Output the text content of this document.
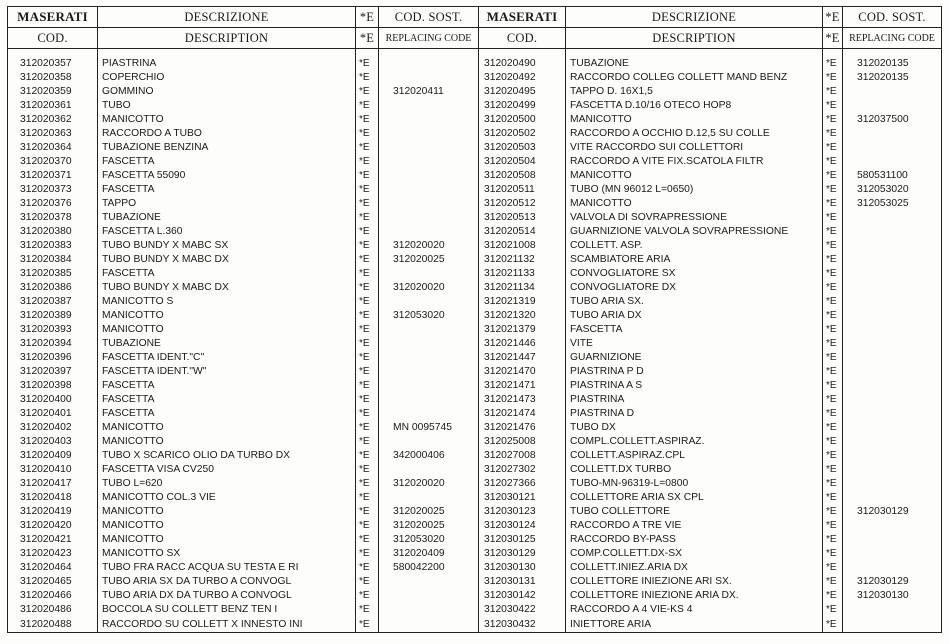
MASERATI	DESCRIZIONE	*E	COD. SOST.	MASERATI	DESCRIZIONE	*E	COD. SOST.
COD.	DESCRIPTION	*E	REPLACING CODE	COD.	DESCRIPTION	*E	REPLACING CODE

312020357	PIASTRINA	*E		312020490	TUBAZIONE	*E	312020135
312020358	COPERCHIO	*E		312020492	RACCORDO COLLEG COLLETT MAND BENZ	*E	312020135
312020359	GOMMINO	*E	312020411	312020495	TAPPO D. 16X1,5	*E	
312020361	TUBO	*E		312020499	FASCETTA D.10/16 OTECO HOP8	*E	
312020362	MANICOTTO	*E		312020500	MANICOTTO	*E	312037500
312020363	RACCORDO A TUBO	*E		312020502	RACCORDO A OCCHIO D.12,5 SU COLLE	*E	
312020364	TUBAZIONE BENZINA	*E		312020503	VITE RACCORDO SUI COLLETTORI	*E	
312020370	FASCETTA	*E		312020504	RACCORDO A VITE FIX.SCATOLA FILTR	*E	
312020371	FASCETTA 55090	*E		312020508	MANICOTTO	*E	580531100
312020373	FASCETTA	*E		312020511	TUBO (MN 96012 L=0650)	*E	312053020
312020376	TAPPO	*E		312020512	MANICOTTO	*E	312053025
312020378	TUBAZIONE	*E		312020513	VALVOLA DI SOVRAPRESSIONE	*E	
312020380	FASCETTA L.360	*E		312020514	GUARNIZIONE VALVOLA SOVRAPRESSIONE	*E	
312020383	TUBO BUNDY X MABC SX	*E	312020020	312021008	COLLETT. ASP.	*E	
312020384	TUBO BUNDY X MABC DX	*E	312020025	312021132	SCAMBIATORE ARIA	*E	
312020385	FASCETTA	*E		312021133	CONVOGLIATORE SX	*E	
312020386	TUBO BUNDY X MABC DX	*E	312020020	312021134	CONVOGLIATORE DX	*E	
312020387	MANICOTTO S	*E		312021319	TUBO ARIA SX.	*E	
312020389	MANICOTTO	*E	312053020	312021320	TUBO ARIA DX	*E	
312020393	MANICOTTO	*E		312021379	FASCETTA	*E	
312020394	TUBAZIONE	*E		312021446	VITE	*E	
312020396	FASCETTA IDENT."C"	*E		312021447	GUARNIZIONE	*E	
312020397	FASCETTA IDENT."W"	*E		312021470	PIASTRINA P D	*E	
312020398	FASCETTA	*E		312021471	PIASTRINA A S	*E	
312020400	FASCETTA	*E		312021473	PIASTRINA	*E	
312020401	FASCETTA	*E		312021474	PIASTRINA D	*E	
312020402	MANICOTTO	*E	MN 0095745	312021476	TUBO DX	*E	
312020403	MANICOTTO	*E		312025008	COMPL.COLLETT.ASPIRAZ.	*E	
312020409	TUBO X SCARICO OLIO DA TURBO DX	*E	342000406	312027008	COLLETT.ASPIRAZ.CPL	*E	
312020410	FASCETTA VISA CV250	*E		312027302	COLLETT.DX TURBO	*E	
312020417	TUBO L=620	*E	312020020	312027366	TUBO-MN-96319-L=0800	*E	
312020418	MANICOTTO COL.3 VIE	*E		312030121	COLLETTORE ARIA SX CPL	*E	
312020419	MANICOTTO	*E	312020025	312030123	TUBO COLLETTORE	*E	312030129
312020420	MANICOTTO	*E	312020025	312030124	RACCORDO A TRE VIE	*E	
312020421	MANICOTTO	*E	312053020	312030125	RACCORDO BY-PASS	*E	
312020423	MANICOTTO SX	*E	312020409	312030129	COMP.COLLETT.DX-SX	*E	
312020464	TUBO FRA RACC ACQUA SU TESTA E RI	*E	580042200	312030130	COLLETT.INIEZ.ARIA DX	*E	
312020465	TUBO ARIA SX DA TURBO A CONVOGL	*E		312030131	COLLETTORE INIEZIONE ARI SX.	*E	312030129
312020466	TUBO ARIA DX DA TURBO A CONVOGL	*E		312030142	COLLETTORE INIEZIONE ARIA DX.	*E	312030130
312020486	BOCCOLA SU COLLETT BENZ TEN I	*E		312030422	RACCORDO A 4 VIE-KS 4	*E	
312020488	RACCORDO SU COLLETT X INNESTO INI	*E		312030432	INIETTORE ARIA	*E	
